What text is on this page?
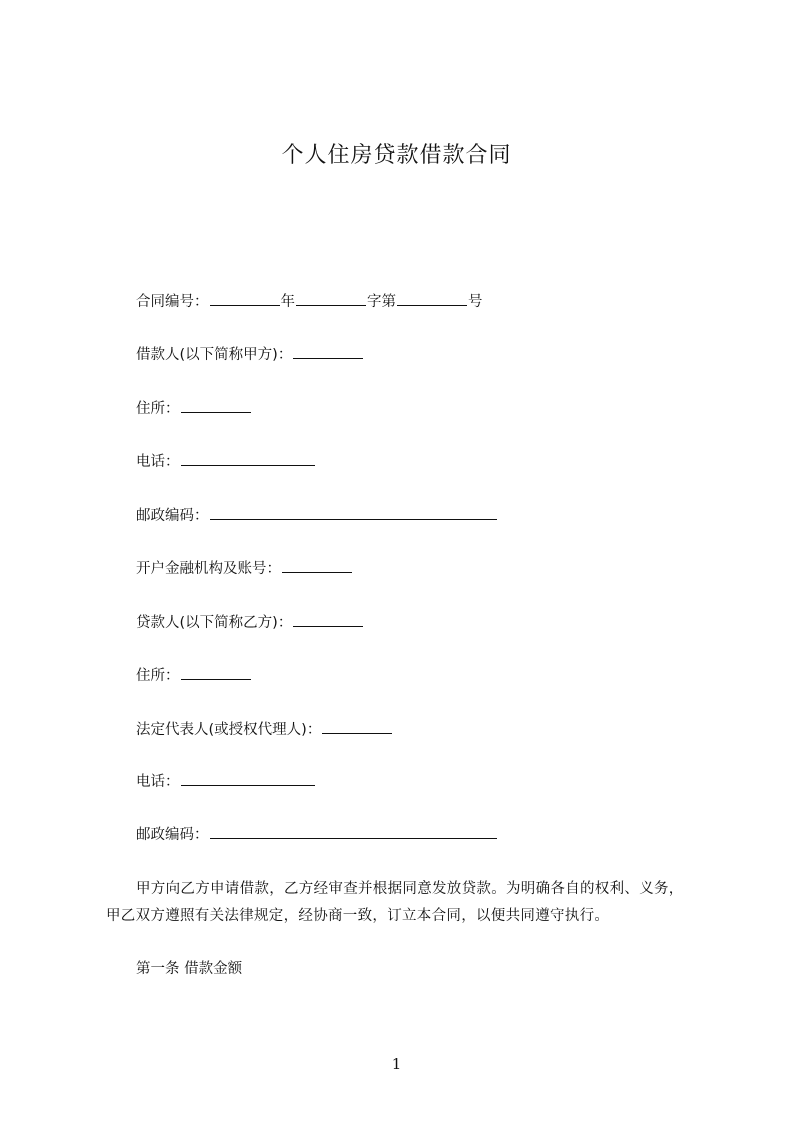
个人住房贷款借款合同
合同编号：	年	字第	号
借款人(以下简称甲方)：
住所：
电话：
邮政编码：
开户金融机构及账号：
贷款人(以下简称乙方)：
住所：
法定代表人(或授权代理人)：
电话：
邮政编码：
甲方向乙方申请借款，乙方经审查并根据同意发放贷款。为明确各自的权利、义务，甲乙双方遵照有关法律规定，经协商一致，订立本合同，以便共同遵守执行。
第一条 借款金额
1
